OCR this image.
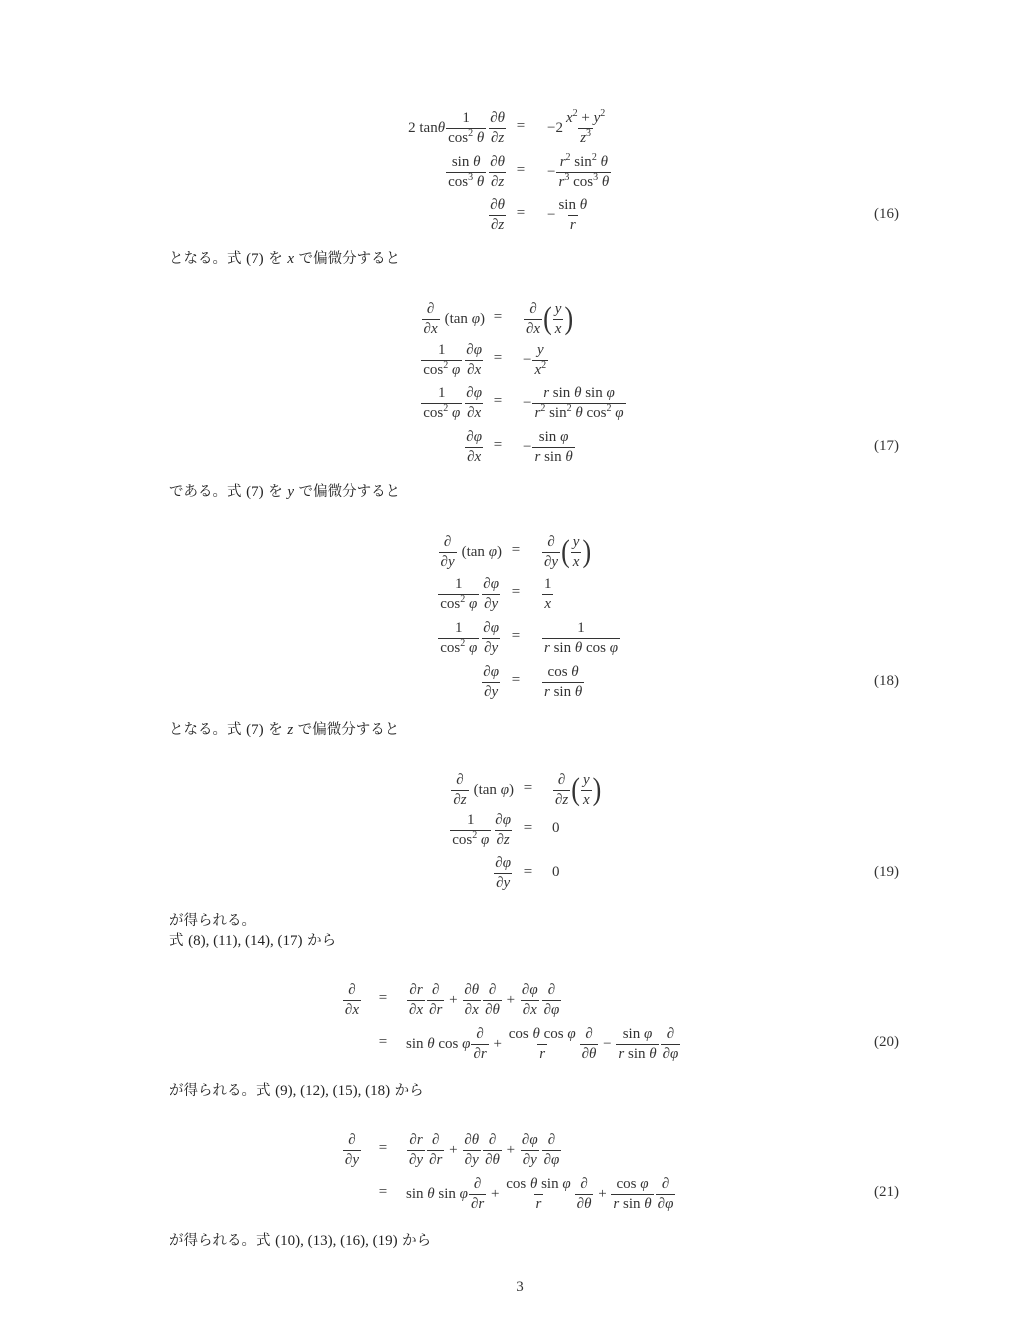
2 tan θ $\frac{1}{\cos^2 \theta} \frac{\partial\theta}{\partial z}$ =	$-2 \frac{x^2 + y^2}{z^3}$
$\frac{\text{sin θ}}{\cos^3 \theta} \frac{\partial\theta}{\partial z}$ =	− $\frac{r^2 \sin^2 \theta}{r^3 \cos^3 \theta}$
$\frac{\partial\theta}{\partial z}$ =	− $\frac{\text{sin θ}}{r}$	(16)
となる。式 (7) を x で偏微分すると
$\frac{\partial}{\partial x} (\tan$ φ) =	$\frac{\partial}{\partial x}$ ( $\frac{y}{x}$ )
$\frac{1}{\cos^2 \varphi} \frac{\partial\varphi}{\partial x}$ =	− $\frac{y}{x^2}$
$\frac{1}{\cos^2 \varphi} \frac{\partial\varphi}{\partial x}$ =	− $\frac{\text{r sin θ sin φ}}{r^2 \sin^2 \theta \cos^2 \varphi}$
$\frac{\partial\varphi}{\partial x}$ =	− $\frac{\text{sin φ}}{\text{r sin θ}}$	(17)
である。式 (7) を y で偏微分すると
$\frac{\partial}{\partial y} (\tan$ φ) =	$\frac{\partial}{\partial y}$ ( $\frac{y}{x}$ )
$\frac{1}{\cos^2 \varphi} \frac{\partial\varphi}{\partial y}$ =	$\frac{1}{x}$
$\frac{1}{\cos^2 \varphi} \frac{\partial\varphi}{\partial y}$ =	$\frac{1}{\text{r sin θ cos φ}}$
$\frac{\partial\varphi}{\partial y}$ =	$\frac{\text{cos θ}}{\text{r sin θ}}$	(18)
となる。式 (7) を z で偏微分すると
$\frac{\partial}{\partial z} (\tan$ φ) =	$\frac{\partial}{\partial z}$ ( $\frac{y}{x}$ )
$\frac{1}{\cos^2 \varphi} \frac{\partial\varphi}{\partial z}$ =	0
$\frac{\partial\varphi}{\partial y}$ =	0	(19)
が得られる。
式 (8), (11), (14), (17) から
$\frac{\partial}{\partial x}$	=	$\frac{\partial r}{\partial x} \frac{\partial}{\partial r} + \frac{\partial\theta}{\partial x} \frac{\partial}{\partial\theta} + \frac{\partial\varphi}{\partial x} \frac{\partial}{\partial\varphi}$
=	sin θ cos φ $\frac{\partial}{\partial r} + \frac{\text{cos θ cos φ}}{r} \frac{\partial}{\partial\theta} - \frac{\text{sin φ}}{\text{r sin θ}} \frac{\partial}{\partial\varphi}$	(20)
が得られる。式 (9), (12), (15), (18) から
$\frac{\partial}{\partial y}$	=	$\frac{\partial r}{\partial y} \frac{\partial}{\partial r} + \frac{\partial\theta}{\partial y} \frac{\partial}{\partial\theta} + \frac{\partial\varphi}{\partial y} \frac{\partial}{\partial\varphi}$
=	sin θ sin φ $\frac{\partial}{\partial r} + \frac{\text{cos θ sin φ}}{r} \frac{\partial}{\partial\theta} + \frac{\text{cos φ}}{\text{r sin θ}} \frac{\partial}{\partial\varphi}$	(21)
が得られる。式 (10), (13), (16), (19) から
3
